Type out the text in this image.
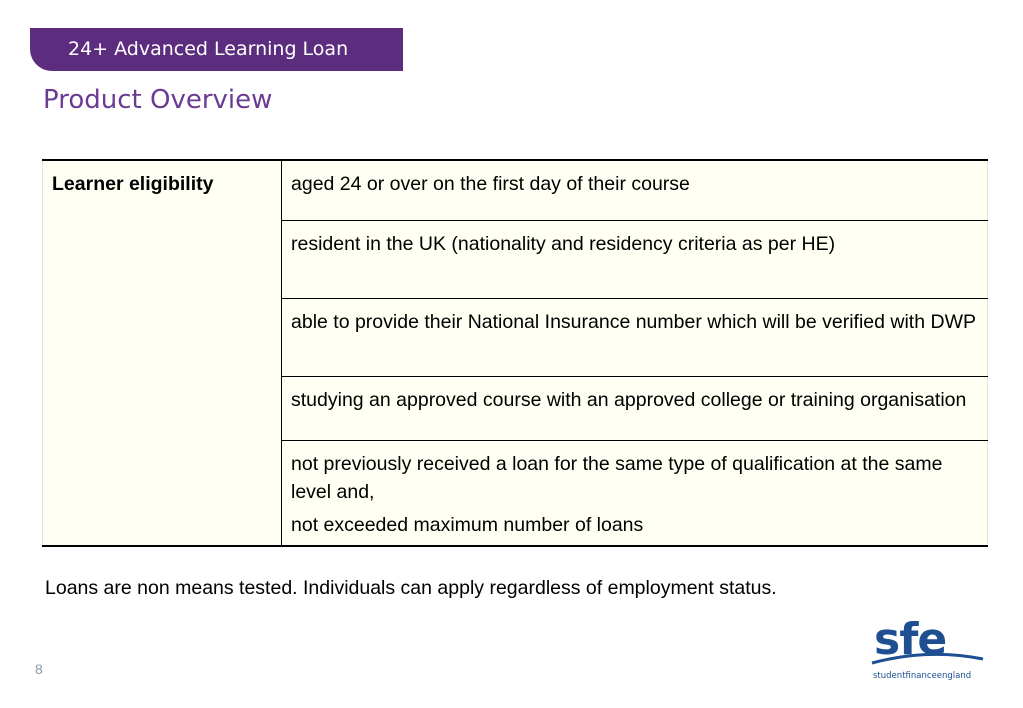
24+ Advanced Learning Loan
Product Overview
Learner eligibility	aged 24 or over on the first day of their course

resident in the UK (nationality and residency criteria as per HE)

able to provide their National Insurance number which will be verified with DWP

studying an approved course with an approved college or training organisation

not previously received a loan for the same type of qualification at the same level and,

not exceeded maximum number of loans

Loans are non means tested. Individuals can apply regardless of employment status.
8
sfe
studentfinanceengland
